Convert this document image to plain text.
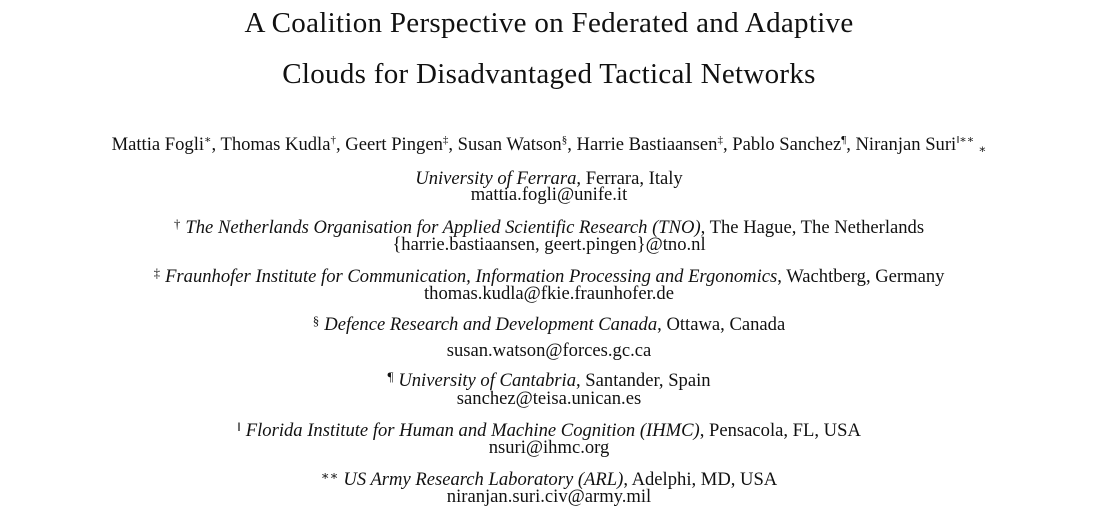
A Coalition Perspective on Federated and Adaptive
Clouds for Disadvantaged Tactical Networks
Mattia Fogli∗, Thomas Kudla†, Geert Pingen‡, Susan Watson§, Harrie Bastiaansen‡, Pablo Sanchez¶, Niranjan Suri‖∗∗∗
University of Ferrara, Ferrara, Italy
mattia.fogli@unife.it
† The Netherlands Organisation for Applied Scientific Research (TNO), The Hague, The Netherlands
{harrie.bastiaansen, geert.pingen}@tno.nl
‡ Fraunhofer Institute for Communication, Information Processing and Ergonomics, Wachtberg, Germany
thomas.kudla@fkie.fraunhofer.de
§ Defence Research and Development Canada, Ottawa, Canada
susan.watson@forces.gc.ca
¶ University of Cantabria, Santander, Spain
sanchez@teisa.unican.es
‖ Florida Institute for Human and Machine Cognition (IHMC), Pensacola, FL, USA
nsuri@ihmc.org
∗∗ US Army Research Laboratory (ARL), Adelphi, MD, USA
niranjan.suri.civ@army.mil
